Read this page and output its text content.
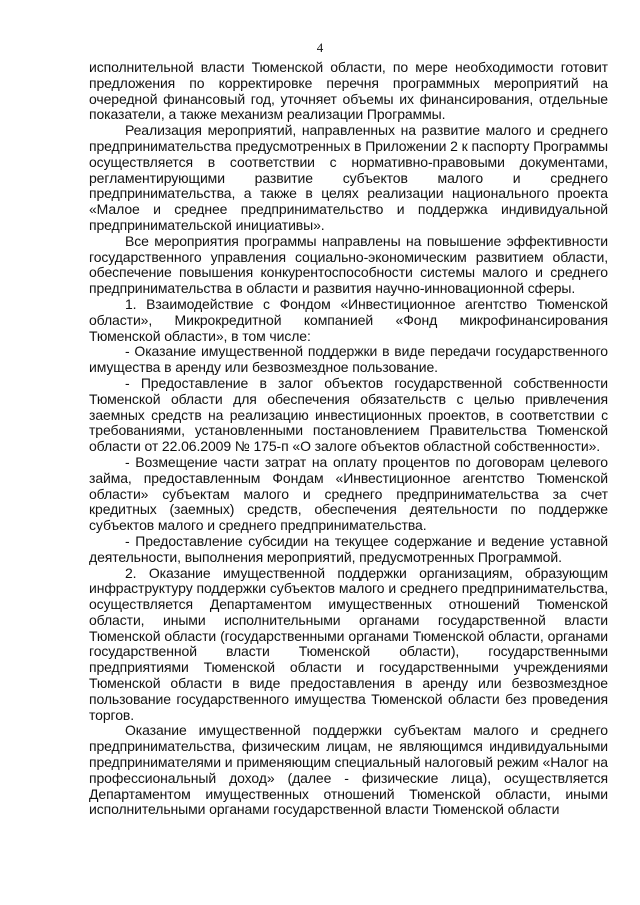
4

исполнительной власти Тюменской области, по мере необходимости готовит предложения по корректировке перечня программных мероприятий на очередной финансовый год, уточняет объемы их финансирования, отдельные показатели, а также механизм реализации Программы.

Реализация мероприятий, направленных на развитие малого и среднего предпринимательства предусмотренных в Приложении 2 к паспорту Программы осуществляется в соответствии с нормативно-правовыми документами, регламентирующими развитие субъектов малого и среднего предпринимательства, а также в целях реализации национального проекта «Малое и среднее предпринимательство и поддержка индивидуальной предпринимательской инициативы».

Все мероприятия программы направлены на повышение эффективности государственного управления социально-экономическим развитием области, обеспечение повышения конкурентоспособности системы малого и среднего предпринимательства в области и развития научно-инновационной сферы.

1. Взаимодействие с Фондом «Инвестиционное агентство Тюменской области», Микрокредитной компанией «Фонд микрофинансирования Тюменской области», в том числе:

- Оказание имущественной поддержки в виде передачи государственного имущества в аренду или безвозмездное пользование.

- Предоставление в залог объектов государственной собственности Тюменской области для обеспечения обязательств с целью привлечения заемных средств на реализацию инвестиционных проектов, в соответствии с требованиями, установленными постановлением Правительства Тюменской области от 22.06.2009 № 175-п «О залоге объектов областной собственности».

- Возмещение части затрат на оплату процентов по договорам целевого займа, предоставленным Фондам «Инвестиционное агентство Тюменской области» субъектам малого и среднего предпринимательства за счет кредитных (заемных) средств, обеспечения деятельности по поддержке субъектов малого и среднего предпринимательства.

- Предоставление субсидии на текущее содержание и ведение уставной деятельности, выполнения мероприятий, предусмотренных Программой.

2. Оказание имущественной поддержки организациям, образующим инфраструктуру поддержки субъектов малого и среднего предпринимательства, осуществляется Департаментом имущественных отношений Тюменской области, иными исполнительными органами государственной власти Тюменской области (государственными органами Тюменской области, органами государственной власти Тюменской области), государственными предприятиями Тюменской области и государственными учреждениями Тюменской области в виде предоставления в аренду или безвозмездное пользование государственного имущества Тюменской области без проведения торгов.

Оказание имущественной поддержки субъектам малого и среднего предпринимательства, физическим лицам, не являющимся индивидуальными предпринимателями и применяющим специальный налоговый режим «Налог на профессиональный доход» (далее - физические лица), осуществляется Департаментом имущественных отношений Тюменской области, иными исполнительными органами государственной власти Тюменской области
